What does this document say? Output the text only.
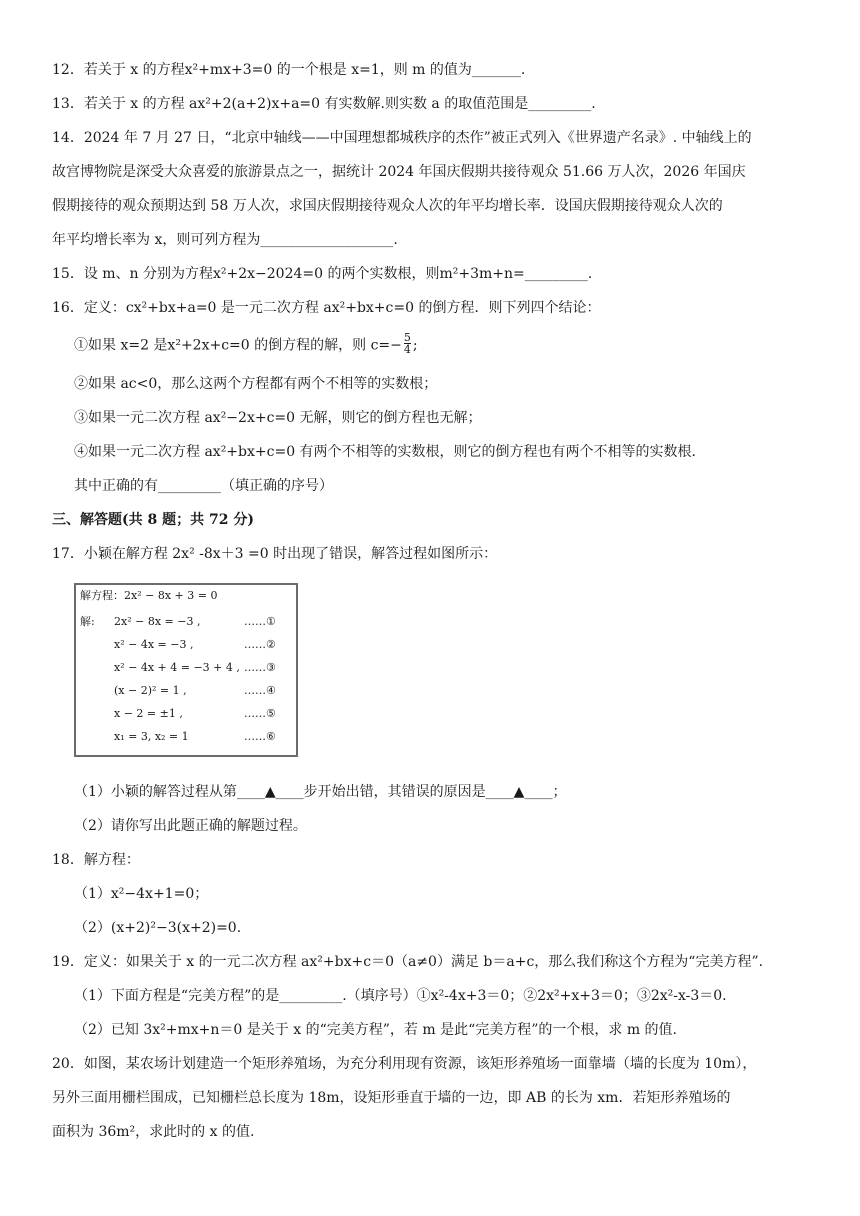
12．若关于 x 的方程x²+mx+3=0 的一个根是 x=1，则 m 的值为_______.
13．若关于 x 的方程 ax²+2(a+2)x+a=0 有实数解.则实数 a 的取值范围是_________.
14．2024 年 7 月 27 日，“北京中轴线——中国理想都城秩序的杰作”被正式列入《世界遗产名录》. 中轴线上的
故宫博物院是深受大众喜爱的旅游景点之一，据统计 2024 年国庆假期共接待观众 51.66 万人次，2026 年国庆
假期接待的观众预期达到 58 万人次，求国庆假期接待观众人次的年平均增长率．设国庆假期接待观众人次的
年平均增长率为 x，则可列方程为___________________.
15．设 m、n 分别为方程x²+2x−2024=0 的两个实数根，则m²+3m+n=_________.
16．定义：cx²+bx+a=0 是一元二次方程 ax²+bx+c=0 的倒方程．则下列四个结论：
①如果 x=2 是x²+2x+c=0 的倒方程的解，则 $c=- \frac{5}{4}$ ;
②如果 ac<0，那么这两个方程都有两个不相等的实数根；
③如果一元二次方程 ax²−2x+c=0 无解，则它的倒方程也无解；
④如果一元二次方程 ax²+bx+c=0 有两个不相等的实数根，则它的倒方程也有两个不相等的实数根．
其中正确的有_________（填正确的序号）
三、解答题(共 8 题；共 72 分)
17．小颖在解方程 2x² -8x＋3 =0 时出现了错误，解答过程如图所示：
解方程：2x² − 8x + 3 = 0
解: 2x² − 8x = −3 ,	……①
x² − 4x = −3 ,	……②
x² − 4x + 4 = −3 + 4 , ……③
(x − 2)² = 1 ,	……④
x − 2 = ±1 ,	……⑤
x₁ = 3, x₂ = 1	……⑥
（1）小颖的解答过程从第____▲____步开始出错，其错误的原因是____▲____；
（2）请你写出此题正确的解题过程。
18．解方程：
（1）x²−4x+1=0；
（2）(x+2)²−3(x+2)=0.
19．定义：如果关于 x 的一元二次方程 ax²+bx+c＝0（a≠0）满足 b＝a+c，那么我们称这个方程为“完美方程”.
（1）下面方程是“完美方程”的是_________.（填序号）①x²-4x+3＝0；②2x²+x+3＝0；③2x²-x-3＝0.
（2）已知 3x²+mx+n＝0 是关于 x 的“完美方程”，若 m 是此“完美方程”的一个根，求 m 的值.
20．如图，某农场计划建造一个矩形养殖场，为充分利用现有资源，该矩形养殖场一面靠墙（墙的长度为 10m），
另外三面用栅栏围成，已知栅栏总长度为 18m，设矩形垂直于墙的一边，即 AB 的长为 xm．若矩形养殖场的
面积为 36m²，求此时的 x 的值.
